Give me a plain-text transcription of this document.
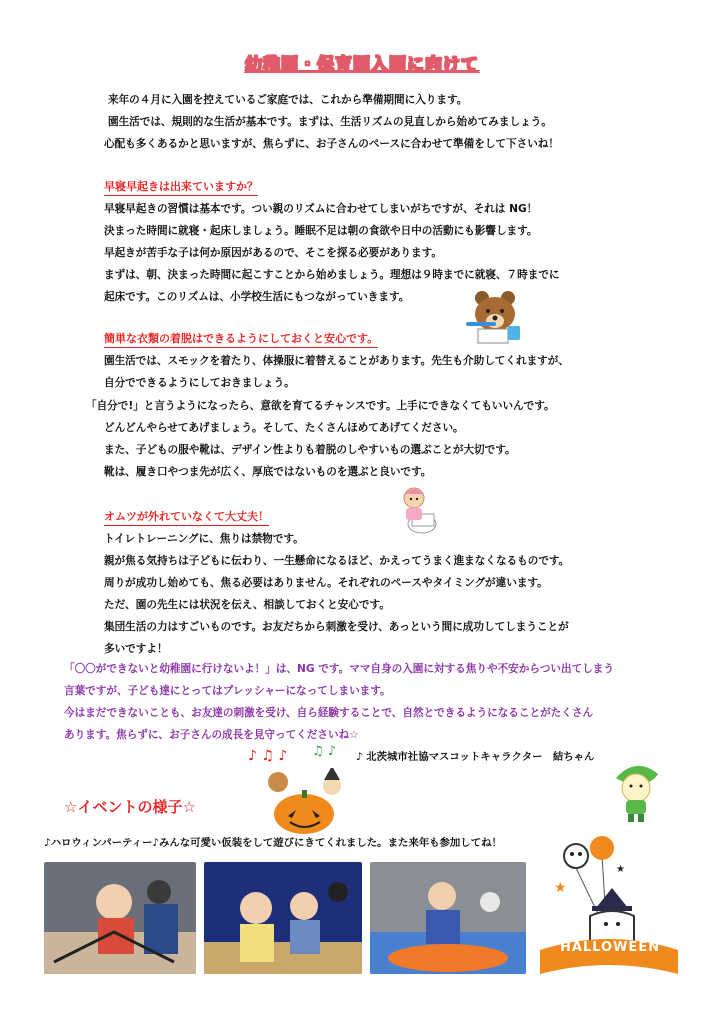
幼稚園・保育園入園に向けて
来年の４月に入園を控えているご家庭では、これから準備期間に入ります。
園生活では、規則的な生活が基本です。まずは、生活リズムの見直しから始めてみましょう。
心配も多くあるかと思いますが、焦らずに、お子さんのペースに合わせて準備をして下さいね！
早寝早起きは出来ていますか？
早寝早起きの習慣は基本です。つい親のリズムに合わせてしまいがちですが、それは NG！
決まった時間に就寝・起床しましょう。睡眠不足は朝の食欲や日中の活動にも影響します。
早起きが苦手な子は何か原因があるので、そこを探る必要があります。
まずは、朝、決まった時間に起こすことから始めましょう。理想は９時までに就寝、７時までに
起床です。このリズムは、小学校生活にもつながっていきます。
簡単な衣類の着脱はできるようにしておくと安心です。
園生活では、スモックを着たり、体操服に着替えることがあります。先生も介助してくれますが、
自分でできるようにしておきましょう。
「自分で!」と言うようになったら、意欲を育てるチャンスです。上手にできなくてもいいんです。
どんどんやらせてあげましょう。そして、たくさんほめてあげてください。
また、子どもの服や靴は、デザイン性よりも着脱のしやすいもの選ぶことが大切です。
靴は、履き口やつま先が広く、厚底ではないものを選ぶと良いです。
オムツが外れていなくて大丈夫！
トイレトレーニングに、焦りは禁物です。
親が焦る気持ちは子どもに伝わり、一生懸命になるほど、かえってうまく進まなくなるものです。
周りが成功し始めても、焦る必要はありません。それぞれのペースやタイミングが違います。
ただ、園の先生には状況を伝え、相談しておくと安心です。
集団生活の力はすごいものです。お友だちから刺激を受け、あっという間に成功してしまうことが
多いですよ！
「〇〇ができないと幼稚園に行けないよ！」は、NG です。ママ自身の入園に対する焦りや不安からつい出てしまう
言葉ですが、子ども達にとってはプレッシャーになってしまいます。
今はまだできないことも、お友達の刺激を受け、自ら経験することで、自然とできるようになることがたくさん
あります。焦らずに、お子さんの成長を見守ってくださいね☆
♪ ♫ ♪ ♫ ♪ ♪ 北茨城市社協マスコットキャラクター　結ちゃん
☆イベントの様子☆
♪ハロウィンパーティー♪みんな可愛い仮装をして遊びにきてくれました。また来年も参加してね！
★
★
HALLOWEEN
